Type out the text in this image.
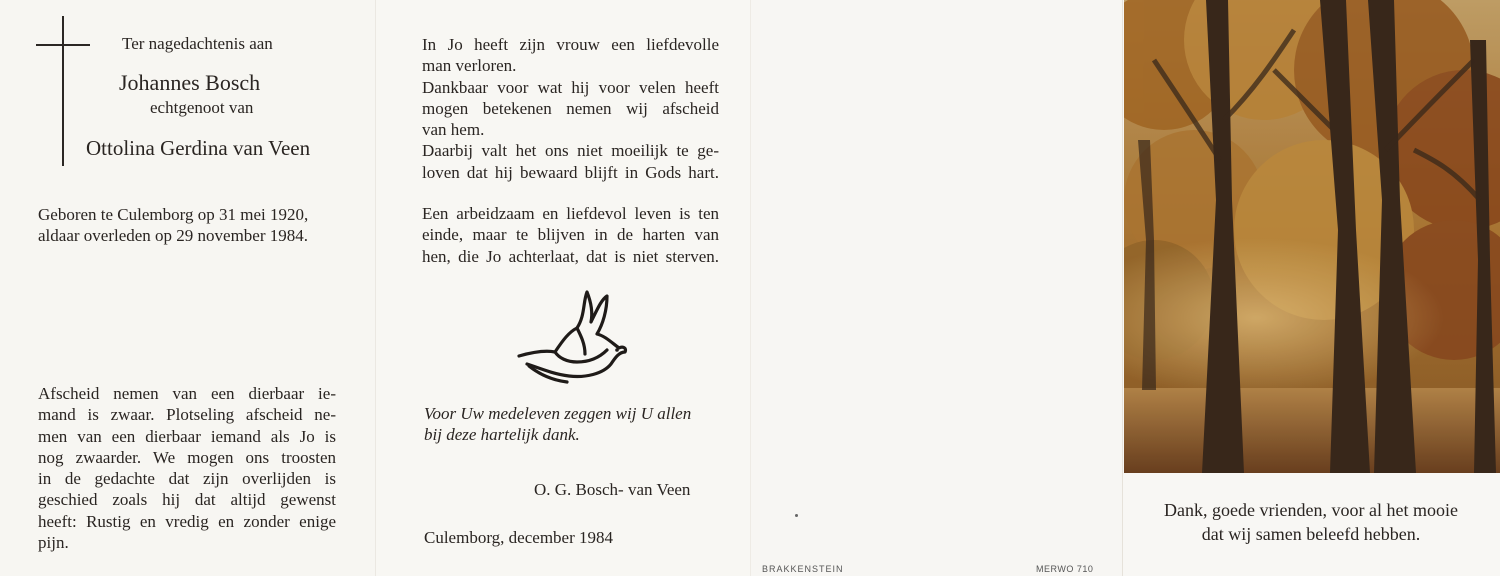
Ter nagedachtenis aan
Johannes Bosch
echtgenoot van
Ottolina Gerdina van Veen
Geboren te Culemborg op 31 mei 1920,
aldaar overleden op 29 november 1984.
Afscheid nemen van een dierbaar ie-
mand is zwaar. Plotseling afscheid ne-
men van een dierbaar iemand als Jo is
nog zwaarder. We mogen ons troosten
in de gedachte dat zijn overlijden is
geschied zoals hij dat altijd gewenst
heeft: Rustig en vredig en zonder enige
pijn.
In Jo heeft zijn vrouw een liefdevolle
man verloren.
Dankbaar voor wat hij voor velen heeft
mogen betekenen nemen wij afscheid
van hem.
Daarbij valt het ons niet moeilijk te ge-
loven dat hij bewaard blijft in Gods hart.
Een arbeidzaam en liefdevol leven is ten
einde, maar te blijven in de harten van
hen, die Jo achterlaat, dat is niet sterven.
Voor Uw medeleven zeggen wij U allen
bij deze hartelijk dank.
O. G. Bosch- van Veen
Culemborg, december 1984
BRAKKENSTEIN	MERWO 710
Dank, goede vrienden, voor al het mooie
dat wij samen beleefd hebben.
